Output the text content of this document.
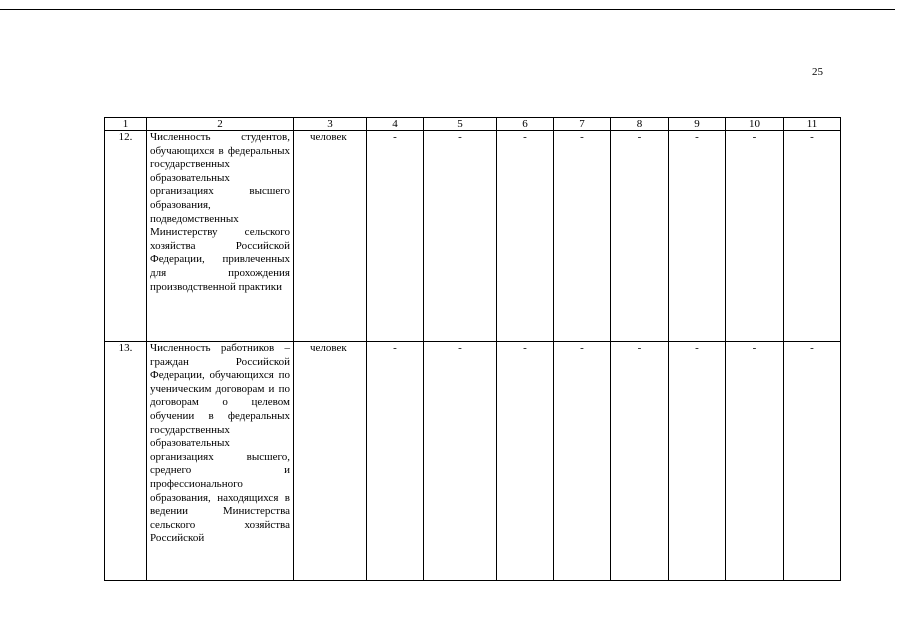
25
1	2	3	4	5	6	7	8	9	10	11
12.	Численность студентов, обучающихся в федеральных государственных образовательных организациях высшего образования, подведомственных Министерству сельского хозяйства Российской Федерации, привлеченных для прохождения производственной практики	человек	-	-	-	-	-	-	-	-
13.	Численность работников – граждан Российской Федерации, обучающихся по ученическим договорам и по договорам о целевом обучении в федеральных государственных образовательных организациях высшего, среднего и профессионального образования, находящихся в ведении Министерства сельского хозяйства Российской	человек	-	-	-	-	-	-	-	-
